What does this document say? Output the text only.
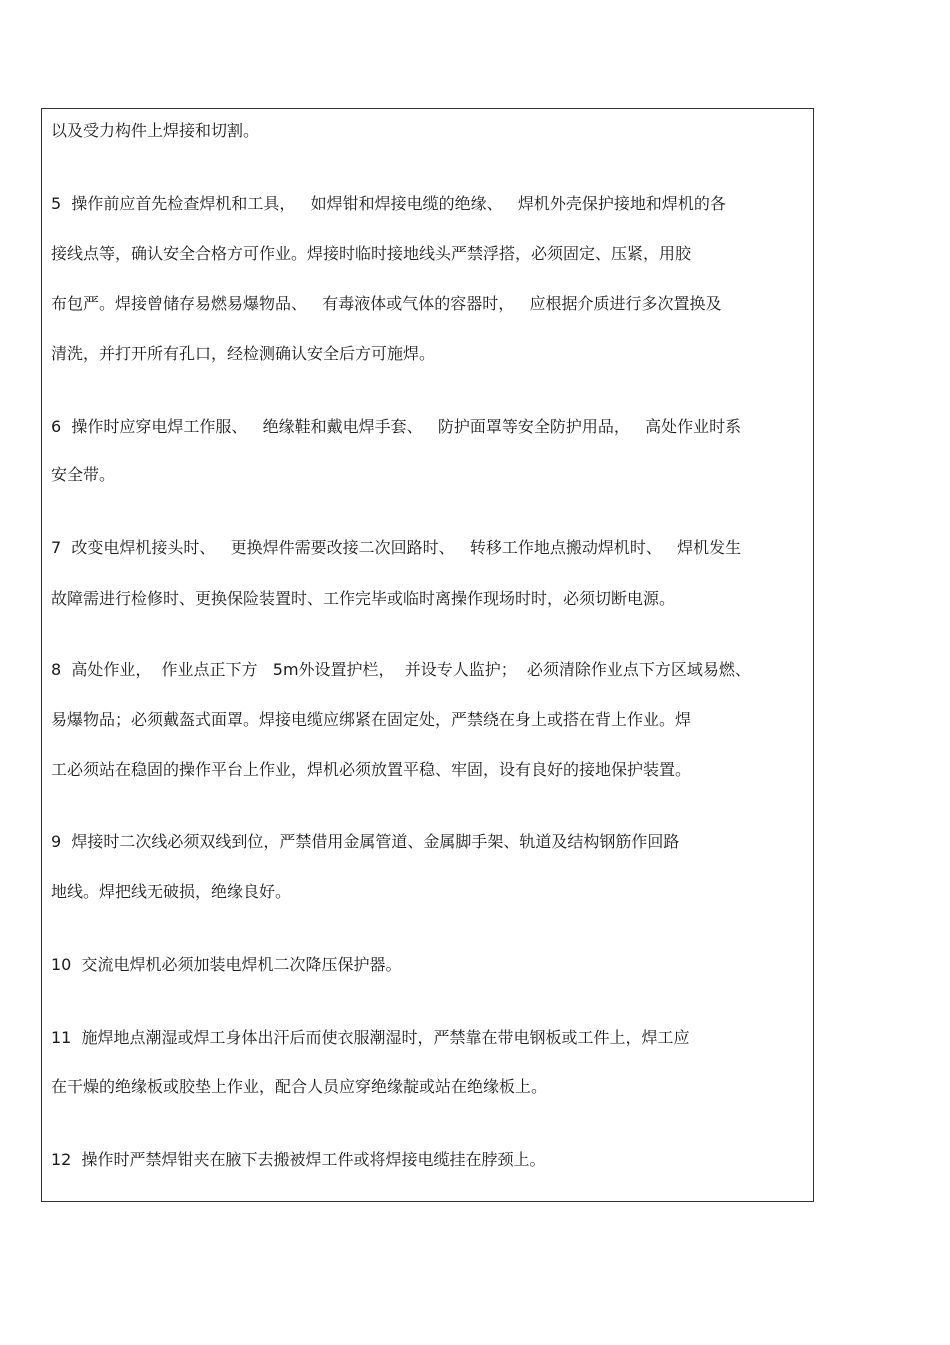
以及受力构件上焊接和切割。

5  操作前应首先检查焊机和工具，   如焊钳和焊接电缆的绝缘、   焊机外壳保护接地和焊机的各

接线点等，确认安全合格方可作业。焊接时临时接地线头严禁浮搭，必须固定、压紧，用胶

布包严。焊接曾储存易燃易爆物品、   有毒液体或气体的容器时，   应根据介质进行多次置换及

清洗，并打开所有孔口，经检测确认安全后方可施焊。

6  操作时应穿电焊工作服、   绝缘鞋和戴电焊手套、   防护面罩等安全防护用品，   高处作业时系

安全带。

7  改变电焊机接头时、   更换焊件需要改接二次回路时、   转移工作地点搬动焊机时、   焊机发生

故障需进行检修时、更换保险装置时、工作完毕或临时离操作现场时时，必须切断电源。

8  高处作业，  作业点正下方   5m外设置护栏，  并设专人监护；  必须清除作业点下方区域易燃、

易爆物品；必须戴盔式面罩。焊接电缆应绑紧在固定处，严禁绕在身上或搭在背上作业。焊

工必须站在稳固的操作平台上作业，焊机必须放置平稳、牢固，设有良好的接地保护装置。

9  焊接时二次线必须双线到位，严禁借用金属管道、金属脚手架、轨道及结构钢筋作回路

地线。焊把线无破损，绝缘良好。

10  交流电焊机必须加装电焊机二次降压保护器。

11  施焊地点潮湿或焊工身体出汗后而使衣服潮湿时，严禁靠在带电钢板或工件上，焊工应

在干燥的绝缘板或胶垫上作业，配合人员应穿绝缘靛或站在绝缘板上。

12  操作时严禁焊钳夹在腋下去搬被焊工件或将焊接电缆挂在脖颈上。
